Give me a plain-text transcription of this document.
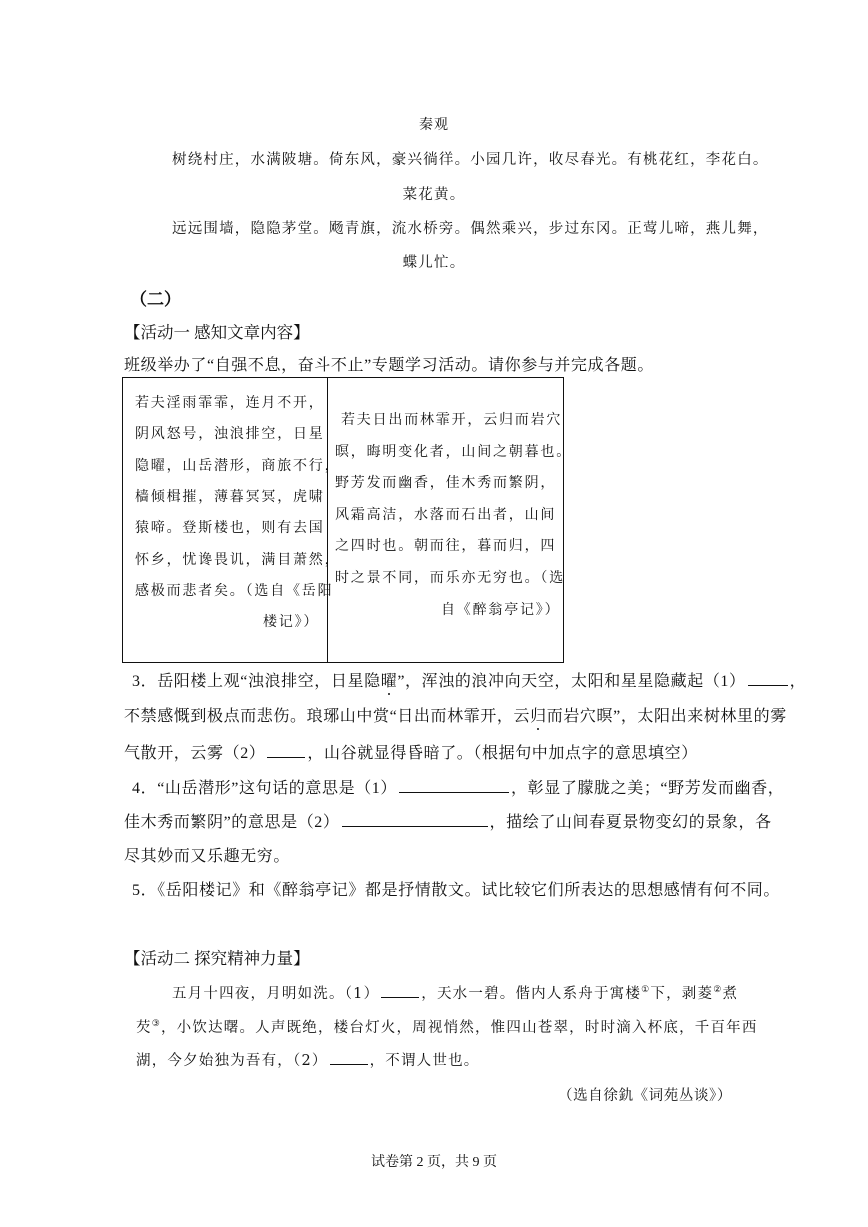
秦观
树绕村庄，水满陂塘。倚东风，豪兴徜徉。小园几许，收尽春光。有桃花红，李花白。
菜花黄。
远远围墙，隐隐茅堂。飏青旗，流水桥旁。偶然乘兴，步过东冈。正莺儿啼，燕儿舞，
蝶儿忙。
（二）
【活动一 感知文章内容】
班级举办了“自强不息，奋斗不止”专题学习活动。请你参与并完成各题。
若夫淫雨霏霏，连月不开，
阴风怒号，浊浪排空，日星
隐曜，山岳潜形，商旅不行，
樯倾楫摧，薄暮冥冥，虎啸
猿啼。登斯楼也，则有去国
怀乡，忧谗畏讥，满目萧然，
感极而悲者矣。（选自《岳阳
楼记》）
若夫日出而林霏开，云归而岩穴
暝，晦明变化者，山间之朝暮也。
野芳发而幽香，佳木秀而繁阴，
风霜高洁，水落而石出者，山间
之四时也。朝而往，暮而归，四
时之景不同，而乐亦无穷也。（选
自《醉翁亭记》）
3．岳阳楼上观“浊浪排空，日星隐曜”，浑浊的浪冲向天空，太阳和星星隐藏起（1）	，
不禁感慨到极点而悲伤。琅琊山中赏“日出而林霏开，云归而岩穴暝”，太阳出来树林里的雾
气散开，云雾（2）	，山谷就显得昏暗了。（根据句中加点字的意思填空）
4．“山岳潜形”这句话的意思是（1）	，彰显了朦胧之美；“野芳发而幽香，
佳木秀而繁阴”的意思是（2）	，描绘了山间春夏景物变幻的景象，各
尽其妙而又乐趣无穷。
5．《岳阳楼记》和《醉翁亭记》都是抒情散文。试比较它们所表达的思想感情有何不同。
【活动二 探究精神力量】
五月十四夜，月明如洗。（1）	，天水一碧。偕内人系舟于寓楼①下，剥菱②煮
芡③，小饮达曙。人声既绝，楼台灯火，周视悄然，惟四山苍翠，时时滴入杯底，千百年西
湖，今夕始独为吾有，（2）	，不谓人世也。
（选自徐釚《词苑丛谈》）
试卷第 2 页，共 9 页
